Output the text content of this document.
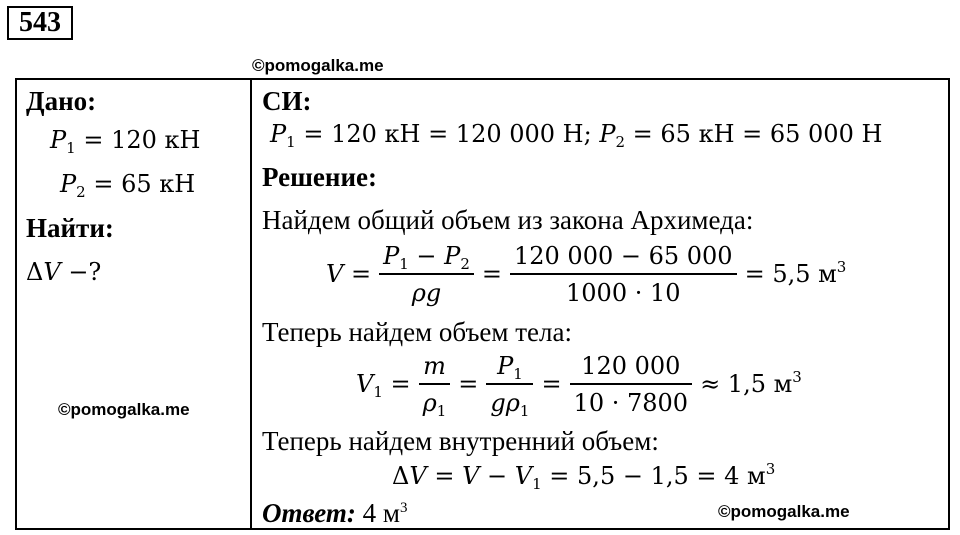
543
©pomogalka.me
Дано:
$P_1 = 120$ кН
$P_2 = 65$ кН
Найти:
ΔV −?
©pomogalka.me
СИ:
$P_1 = 120$ кН = 120 000 Н; $P_2 = 65$ кН = 65 000 Н
Решение:
Найдем общий объем из закона Архимеда:
$V = \frac{P_1 - P_2}{\rho g} = \frac{120 000 - 65 000}{1000 \cdot 10} = 5,5$ $м^3$
Теперь найдем объем тела:
$V_1 = \frac{m}{\rho_1} = \frac{P_1}{g\rho_1} = \frac{120 000}{10 \cdot 7800} \approx 1,5$ $м^3$
Теперь найдем внутренний объем:
$\Delta V = V - V_1 = 5,5 - 1,5 = 4$ $м^3$
Ответ: 4 $м^3$	©pomogalka.me
